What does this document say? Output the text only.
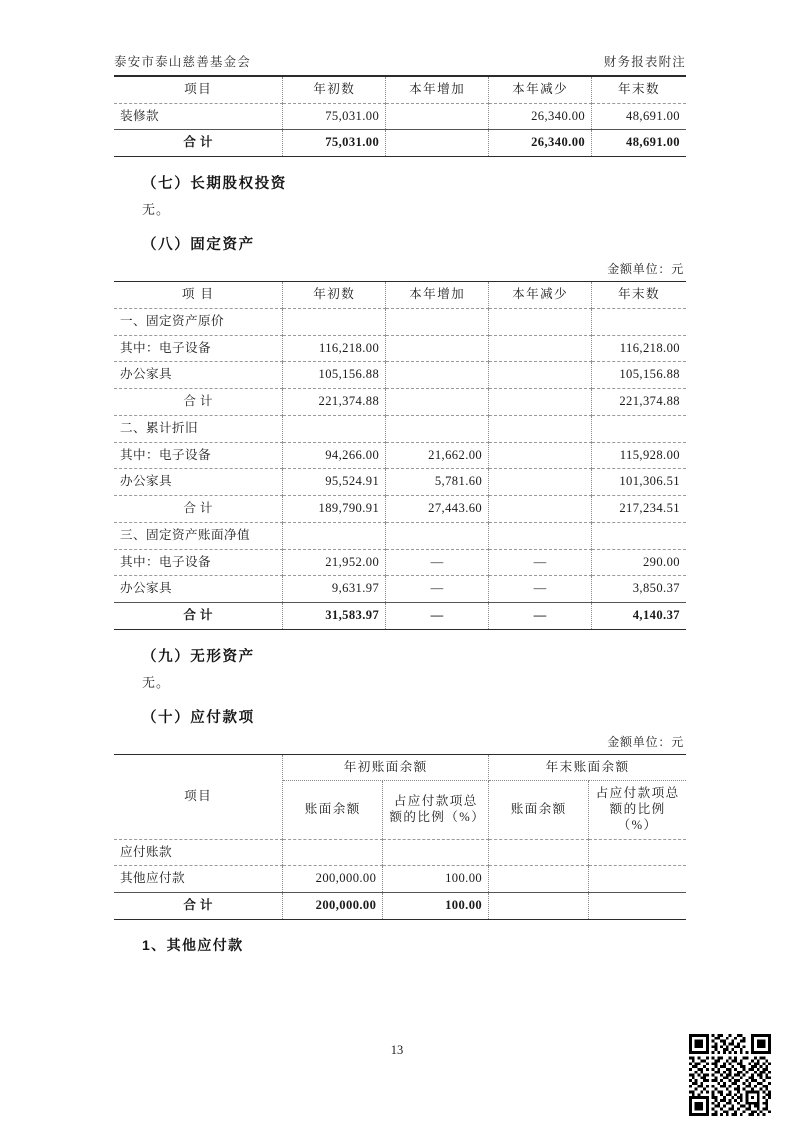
泰安市泰山慈善基金会	财务报表附注
项目	年初数	本年增加	本年减少	年末数
装修款	75,031.00		26,340.00	48,691.00
合 计	75,031.00		26,340.00	48,691.00
（七）长期股权投资
无。
（八）固定资产
金额单位：元
项 目	年初数	本年增加	本年减少	年末数
一、固定资产原价				
其中：电子设备	116,218.00			116,218.00
办公家具	105,156.88			105,156.88
合 计	221,374.88			221,374.88
二、累计折旧				
其中：电子设备	94,266.00	21,662.00		115,928.00
办公家具	95,524.91	5,781.60		101,306.51
合 计	189,790.91	27,443.60		217,234.51
三、固定资产账面净值				
其中：电子设备	21,952.00	—	—	290.00
办公家具	9,631.97	—	—	3,850.37
合 计	31,583.97	—	—	4,140.37
（九）无形资产
无。
（十）应付款项
金额单位：元
项目	年初账面余额		年末账面余额	
	账面余额	占应付款项总额的比例（%）	账面余额	占应付款项总额的比例（%）
应付账款				
其他应付款	200,000.00	100.00		
合 计	200,000.00	100.00		
1、其他应付款
13
